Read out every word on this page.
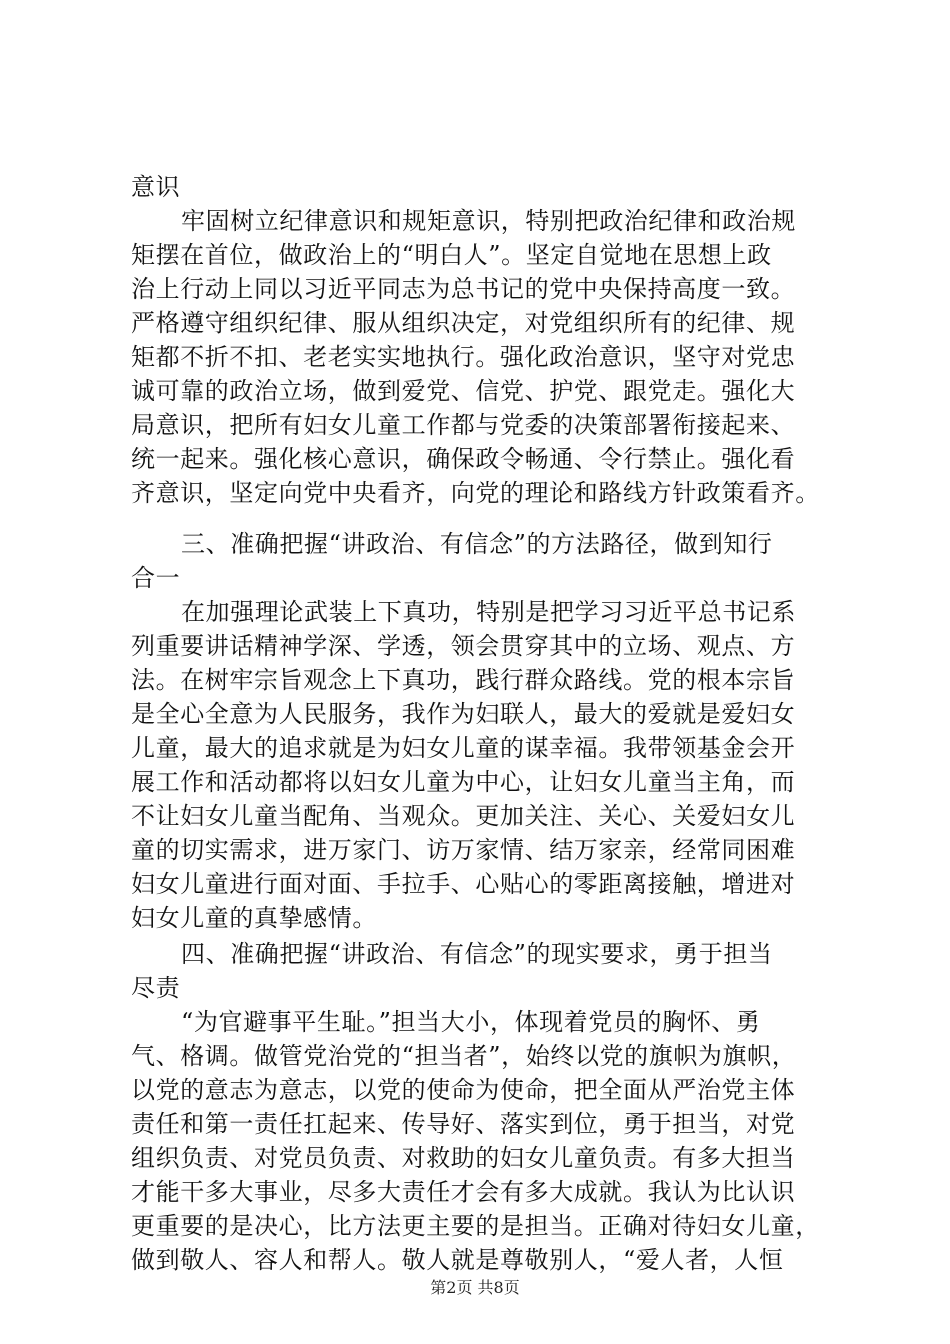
意识
牢固树立纪律意识和规矩意识，特别把政治纪律和政治规
矩摆在首位，做政治上的“明白人”。坚定自觉地在思想上政
治上行动上同以习近平同志为总书记的党中央保持高度一致。
严格遵守组织纪律、服从组织决定，对党组织所有的纪律、规
矩都不折不扣、老老实实地执行。强化政治意识，坚守对党忠
诚可靠的政治立场，做到爱党、信党、护党、跟党走。强化大
局意识，把所有妇女儿童工作都与党委的决策部署衔接起来、
统一起来。强化核心意识，确保政令畅通、令行禁止。强化看
齐意识，坚定向党中央看齐，向党的理论和路线方针政策看齐。
三、准确把握“讲政治、有信念”的方法路径，做到知行
合一
在加强理论武装上下真功，特别是把学习习近平总书记系
列重要讲话精神学深、学透，领会贯穿其中的立场、观点、方
法。在树牢宗旨观念上下真功，践行群众路线。党的根本宗旨
是全心全意为人民服务，我作为妇联人，最大的爱就是爱妇女
儿童，最大的追求就是为妇女儿童的谋幸福。我带领基金会开
展工作和活动都将以妇女儿童为中心，让妇女儿童当主角，而
不让妇女儿童当配角、当观众。更加关注、关心、关爱妇女儿
童的切实需求，进万家门、访万家情、结万家亲，经常同困难
妇女儿童进行面对面、手拉手、心贴心的零距离接触，增进对
妇女儿童的真挚感情。
四、准确把握“讲政治、有信念”的现实要求，勇于担当
尽责
“为官避事平生耻。”担当大小，体现着党员的胸怀、勇
气、格调。做管党治党的“担当者”，始终以党的旗帜为旗帜，
以党的意志为意志，以党的使命为使命，把全面从严治党主体
责任和第一责任扛起来、传导好、落实到位，勇于担当，对党
组织负责、对党员负责、对救助的妇女儿童负责。有多大担当
才能干多大事业，尽多大责任才会有多大成就。我认为比认识
更重要的是决心，比方法更主要的是担当。正确对待妇女儿童，
做到敬人、容人和帮人。敬人就是尊敬别人，“爱人者，人恒
第2页 共8页
